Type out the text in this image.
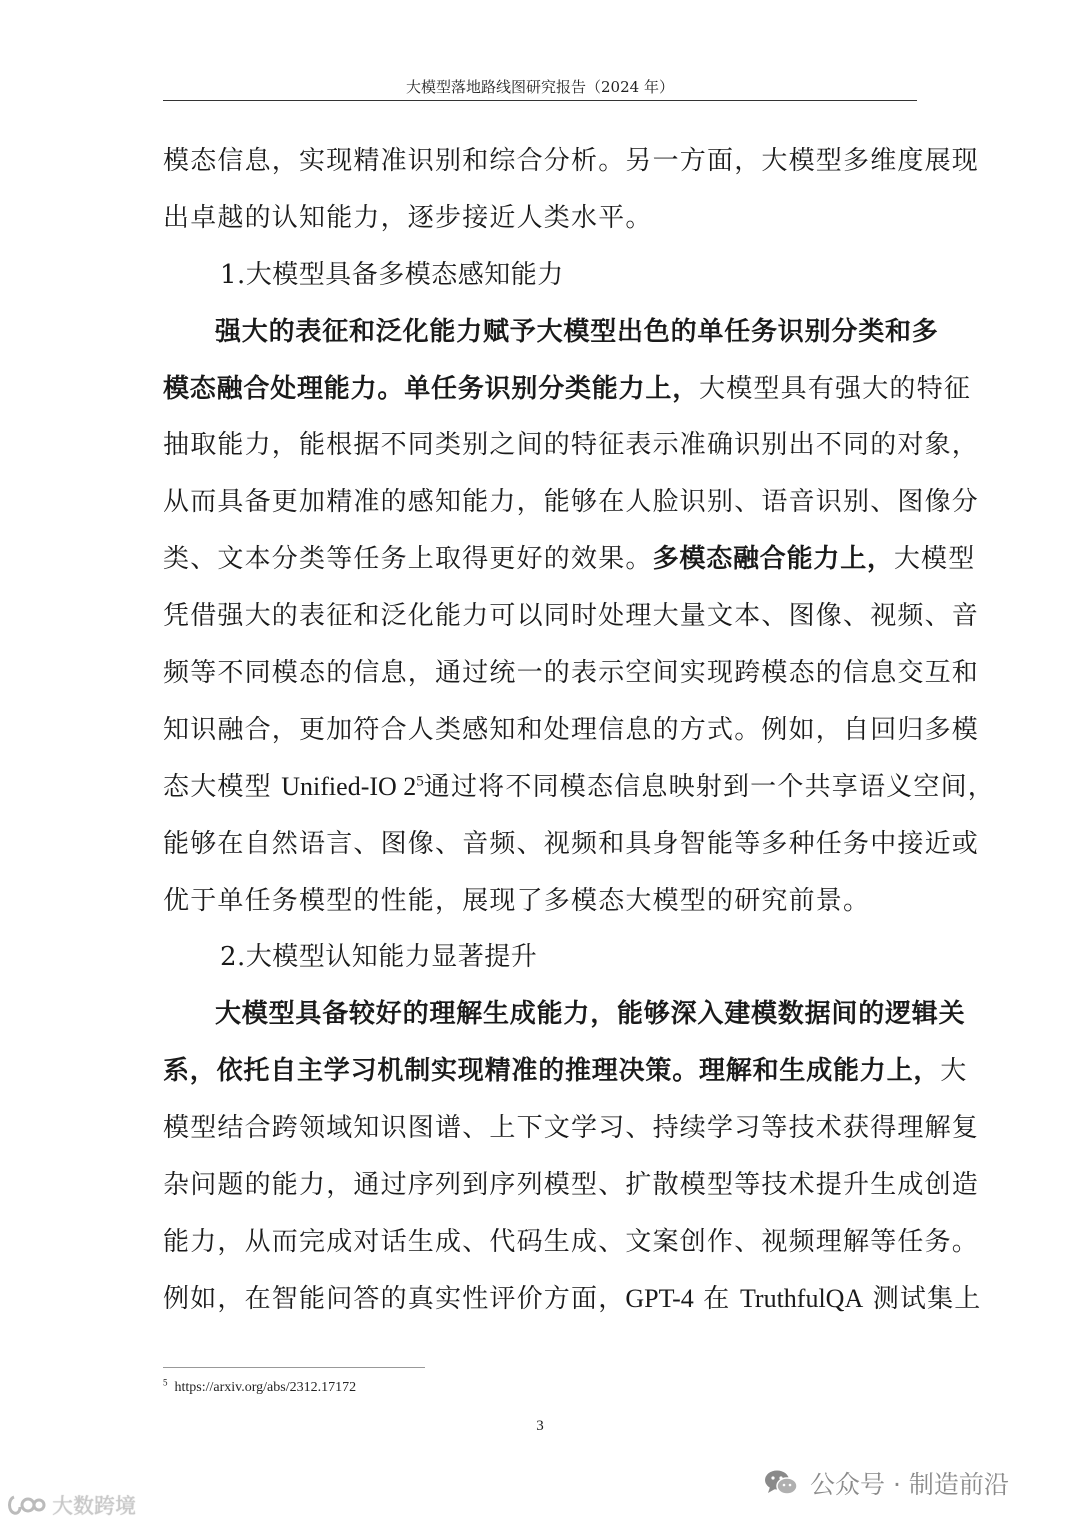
大模型落地路线图研究报告（2024 年）
模态信息，实现精准识别和综合分析。另一方面，大模型多维度展现
出卓越的认知能力，逐步接近人类水平。
1.大模型具备多模态感知能力
强大的表征和泛化能力赋予大模型出色的单任务识别分类和多
模态融合处理能力。单任务识别分类能力上，大模型具有强大的特征
抽取能力，能根据不同类别之间的特征表示准确识别出不同的对象，
从而具备更加精准的感知能力，能够在人脸识别、语音识别、图像分
类、文本分类等任务上取得更好的效果。多模态融合能力上，大模型
凭借强大的表征和泛化能力可以同时处理大量文本、图像、视频、音
频等不同模态的信息，通过统一的表示空间实现跨模态的信息交互和
知识融合，更加符合人类感知和处理信息的方式。例如，自回归多模
态大模型 Unified-IO $2^5$通过将不同模态信息映射到一个共享语义空间，
能够在自然语言、图像、音频、视频和具身智能等多种任务中接近或
优于单任务模型的性能，展现了多模态大模型的研究前景。
2.大模型认知能力显著提升
大模型具备较好的理解生成能力，能够深入建模数据间的逻辑关
系，依托自主学习机制实现精准的推理决策。理解和生成能力上，大
模型结合跨领域知识图谱、上下文学习、持续学习等技术获得理解复
杂问题的能力，通过序列到序列模型、扩散模型等技术提升生成创造
能力，从而完成对话生成、代码生成、文案创作、视频理解等任务。
例如，在智能问答的真实性评价方面，GPT-4 在 TruthfulQA 测试集上
$^5$ https://arxiv.org/abs/2312.17172
3
公众号 · 制造前沿
大数跨境
